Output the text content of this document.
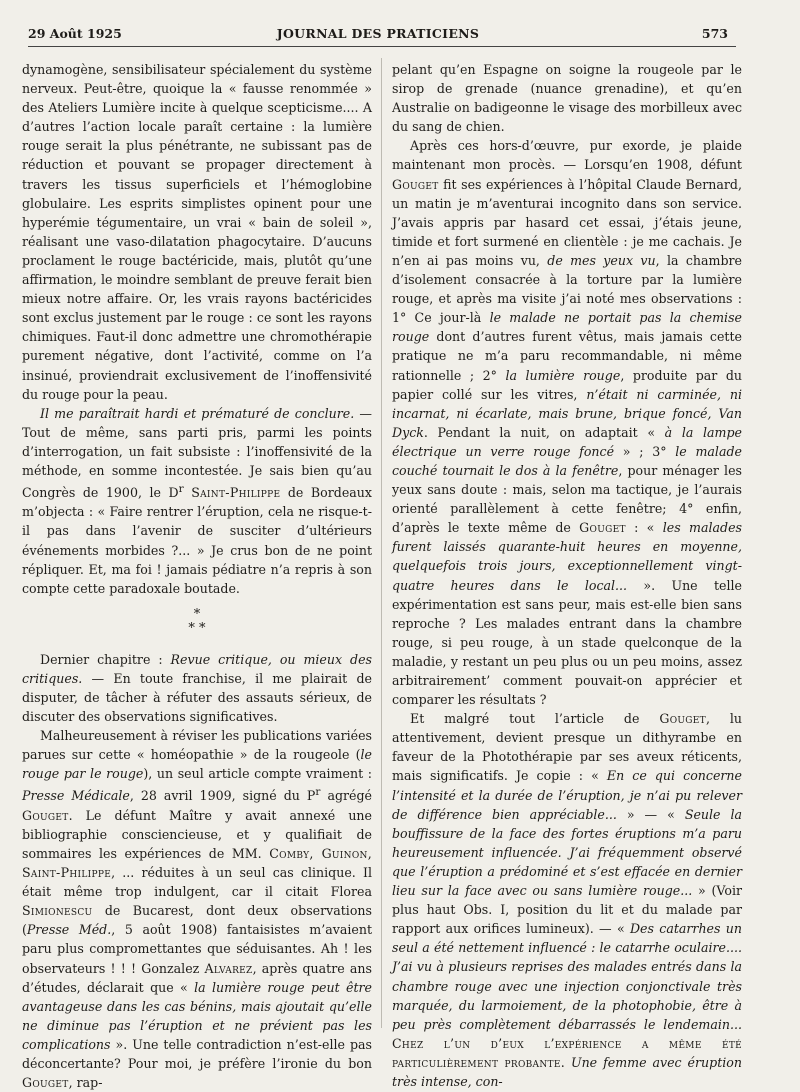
29 Août 1925	JOURNAL DES PRATICIENS	573

dynamogène, sensibilisateur spécialement du système nerveux. Peut-être, quoique la « fausse renommée » des Ateliers Lumière incite à quelque scepticisme.... A d’autres l’action locale paraît certaine : la lumière rouge serait la plus pénétrante, ne subissant pas de réduction et pouvant se propager directement à travers les tissus superficiels et l’hémoglobine globulaire. Les esprits simplistes opinent pour une hyperémie tégumentaire, un vrai « bain de soleil », réalisant une vaso-dilatation phagocytaire. D’aucuns proclament le rouge bactéricide, mais, plutôt qu’une affirmation, le moindre semblant de preuve ferait bien mieux notre affaire. Or, les vrais rayons bactéricides sont exclus justement par le rouge : ce sont les rayons chimiques. Faut-il donc admettre une chromothérapie purement négative, dont l’activité, comme on l’a insinué, proviendrait exclusivement de l’inoffensivité du rouge pour la peau.

Il me paraîtrait hardi et prématuré de conclure. — Tout de même, sans parti pris, parmi les points d’interrogation, un fait subsiste : l’inoffensivité de la méthode, en somme incontestée. Je sais bien qu’au Congrès de 1900, le $D^r$ Saint-Philippe de Bordeaux m’objecta : « Faire rentrer l’éruption, cela ne risque-t-il pas dans l’avenir de susciter d’ultérieurs événements morbides ?... » Je crus bon de ne point répliquer. Et, ma foi ! jamais pédiatre n’a repris à son compte cette paradoxale boutade.

*
* *

Dernier chapitre : Revue critique, ou mieux des critiques. — En toute franchise, il me plairait de disputer, de tâcher à réfuter des assauts sérieux, de discuter des observations significatives.

Malheureusement à réviser les publications variées parues sur cette « homéopathie » de la rougeole (le rouge par le rouge), un seul article compte vraiment : Presse Médicale, 28 avril 1909, signé du $P^r$ agrégé Gouget. Le défunt Maître y avait annexé une bibliographie consciencieuse, et y qualifiait de sommaires les expériences de MM. Comby, Guinon, Saint-Philippe, ... réduites à un seul cas clinique. Il était même trop indulgent, car il citait Florea Simionescu de Bucarest, dont deux observations (Presse Méd., 5 août 1908) fantaisistes m’avaient paru plus compromettantes que séduisantes. Ah ! les observateurs ! ! ! Gonzalez Alvarez, après quatre ans d’études, déclarait que « la lumière rouge peut être avantageuse dans les cas bénins, mais ajoutait qu’elle ne diminue pas l’éruption et ne prévient pas les complications ». Une telle contradiction n’est-elle pas déconcertante? Pour moi, je préfère l’ironie du bon Gouget, rap-

pelant qu’en Espagne on soigne la rougeole par le sirop de grenade (nuance grenadine), et qu’en Australie on badigeonne le visage des morbilleux avec du sang de chien.

Après ces hors-d’œuvre, pur exorde, je plaide maintenant mon procès. — Lorsqu’en 1908, défunt Gouget fit ses expériences à l’hôpital Claude Bernard, un matin je m’aventurai incognito dans son service. J’avais appris par hasard cet essai, j’étais jeune, timide et fort surmené en clientèle : je me cachais. Je n’en ai pas moins vu, de mes yeux vu, la chambre d’isolement consacrée à la torture par la lumière rouge, et après ma visite j’ai noté mes observations : 1° Ce jour-là le malade ne portait pas la chemise rouge dont d’autres furent vêtus, mais jamais cette pratique ne m’a paru recommandable, ni même rationnelle ; 2° la lumière rouge, produite par du papier collé sur les vitres, n’était ni carminée, ni incarnat, ni écarlate, mais brune, brique foncé, Van Dyck. Pendant la nuit, on adaptait « à la lampe électrique un verre rouge foncé » ; 3° le malade couché tournait le dos à la fenêtre, pour ménager les yeux sans doute : mais, selon ma tactique, je l’aurais orienté parallèlement à cette fenêtre; 4° enfin, d’après le texte même de Gouget : « les malades furent laissés quarante-huit heures en moyenne, quelquefois trois jours, exceptionnellement vingt-quatre heures dans le local... ». Une telle expérimentation est sans peur, mais est-elle bien sans reproche ? Les malades entrant dans la chambre rouge, si peu rouge, à un stade quelconque de la maladie, y restant un peu plus ou un peu moins, assez arbitrairement’ comment pouvait-on apprécier et comparer les résultats ?

Et malgré tout l’article de Gouget, lu attentivement, devient presque un dithyrambe en faveur de la Photothérapie par ses aveux réticents, mais significatifs. Je copie : « En ce qui concerne l’intensité et la durée de l’éruption, je n’ai pu relever de différence bien appréciable... » — « Seule la bouffissure de la face des fortes éruptions m’a paru heureusement influencée. J’ai fréquemment observé que l’éruption a prédominé et s’est effacée en dernier lieu sur la face avec ou sans lumière rouge... » (Voir plus haut Obs. I, position du lit et du malade par rapport aux orifices lumineux). — « Des catarrhes un seul a été nettement influencé : le catarrhe oculaire.... J’ai vu à plusieurs reprises des malades entrés dans la chambre rouge avec une injection conjonctivale très marquée, du larmoiement, de la photophobie, être à peu près complètement débarrassés le lendemain... Chez l’un d’eux l’expérience a même été particulièrement probante. Une femme avec éruption très intense, con-
